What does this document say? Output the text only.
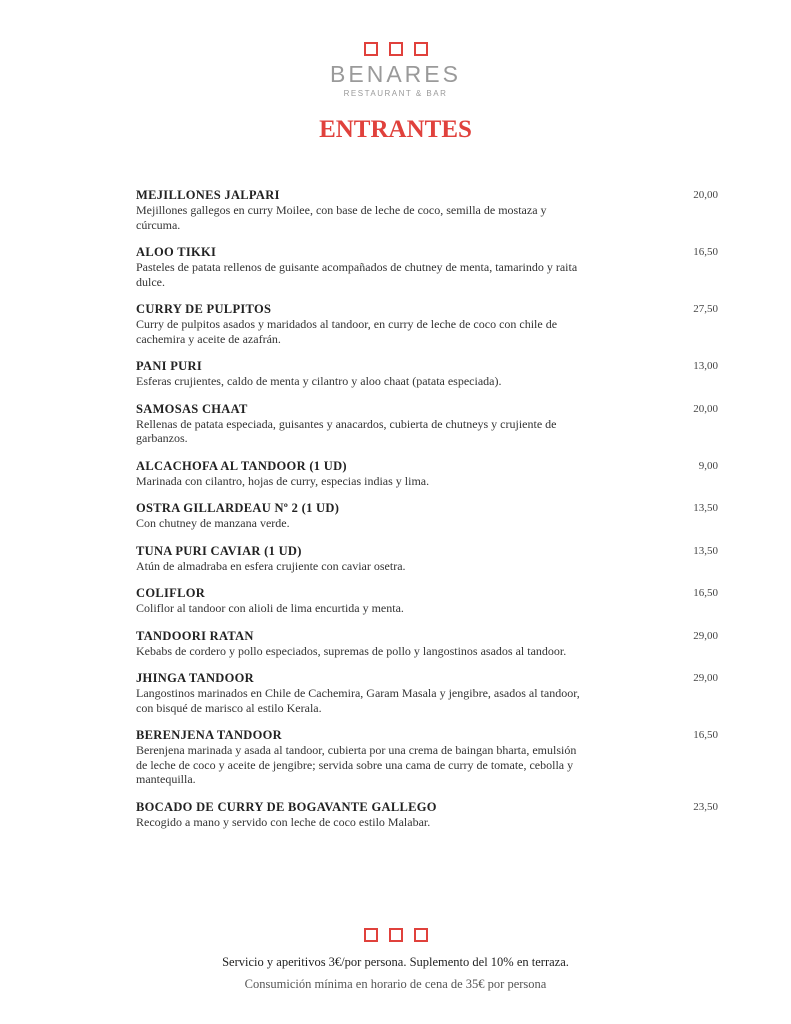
BENARES
RESTAURANT & BAR
ENTRANTES
MEJILLONES JALPARI	20,00
Mejillones gallegos en curry Moilee, con base de leche de coco, semilla de mostaza y cúrcuma.
ALOO TIKKI	16,50
Pasteles de patata rellenos de guisante acompañados de chutney de menta, tamarindo y raita dulce.
CURRY DE PULPITOS	27,50
Curry de pulpitos asados y maridados al tandoor, en curry de leche de coco con chile de cachemira y aceite de azafrán.
PANI PURI	13,00
Esferas crujientes, caldo de menta y cilantro y aloo chaat (patata especiada).
SAMOSAS CHAAT	20,00
Rellenas de patata especiada, guisantes y anacardos, cubierta de chutneys y crujiente de garbanzos.
ALCACHOFA AL TANDOOR (1 UD)	9,00
Marinada con cilantro, hojas de curry, especias indias y lima.
OSTRA GILLARDEAU Nº 2 (1 UD)	13,50
Con chutney de manzana verde.
TUNA PURI CAVIAR (1 UD)	13,50
Atún de almadraba en esfera crujiente con caviar osetra.
COLIFLOR	16,50
Coliflor al tandoor con alioli de lima encurtida y menta.
TANDOORI RATAN	29,00
Kebabs de cordero y pollo especiados, supremas de pollo y langostinos asados al tandoor.
JHINGA TANDOOR	29,00
Langostinos marinados en Chile de Cachemira, Garam Masala y jengibre, asados al tandoor, con bisqué de marisco al estilo Kerala.
BERENJENA TANDOOR	16,50
Berenjena marinada y asada al tandoor, cubierta por una crema de baingan bharta, emulsión de leche de coco y aceite de jengibre; servida sobre una cama de curry de tomate, cebolla y mantequilla.
BOCADO DE CURRY DE BOGAVANTE GALLEGO	23,50
Recogido a mano y servido con leche de coco estilo Malabar.
Servicio y aperitivos 3€/por persona. Suplemento del 10% en terraza.
Consumición mínima en horario de cena de 35€ por persona
